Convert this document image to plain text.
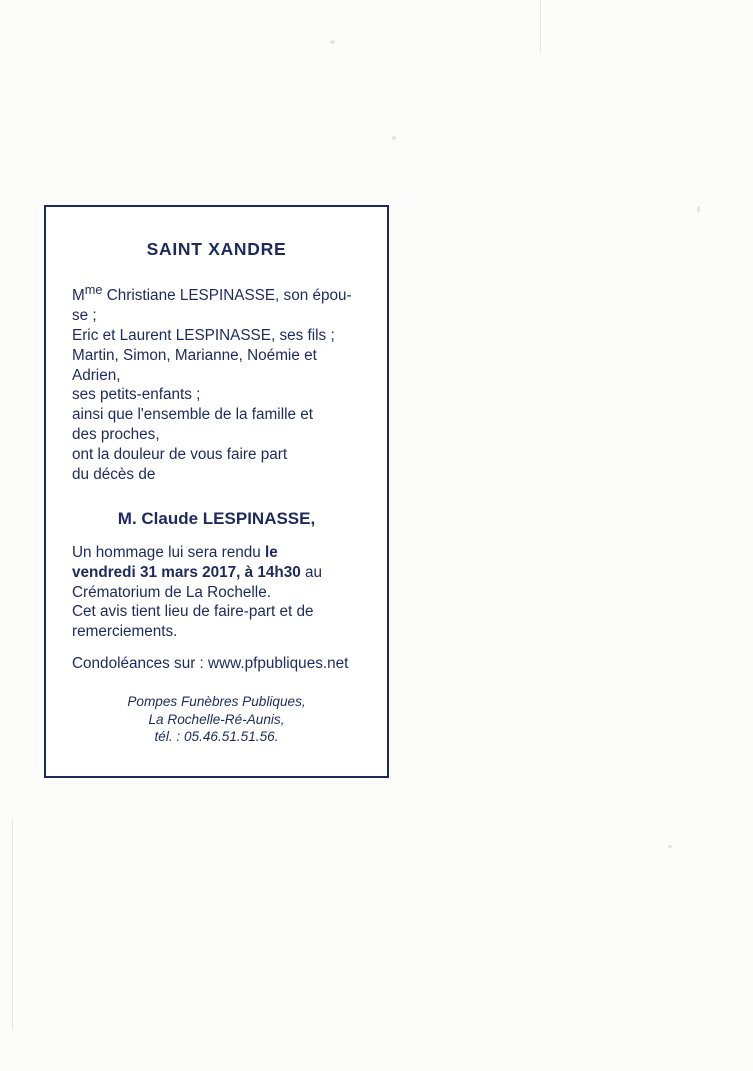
SAINT XANDRE
$M^{me}$ Christiane LESPINASSE, son épou-
se ;
Eric et Laurent LESPINASSE, ses fils ;
Martin, Simon, Marianne, Noémie et
Adrien,
ses petits-enfants ;
ainsi que l'ensemble de la famille et
des proches,
ont la douleur de vous faire part
du décès de
M. Claude LESPINASSE,
Un hommage lui sera rendu le
vendredi 31 mars 2017, à 14h30 au
Crématorium de La Rochelle.
Cet avis tient lieu de faire-part et de
remerciements.
Condoléances sur : www.pfpubliques.net
Pompes Funèbres Publiques,
La Rochelle-Ré-Aunis,
tél. : 05.46.51.51.56.
